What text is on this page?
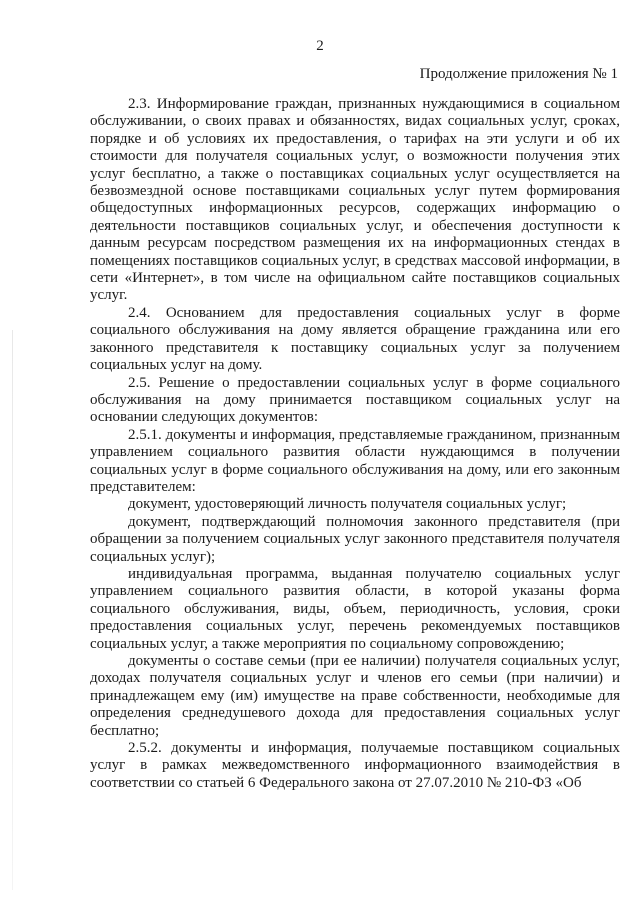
2
Продолжение приложения № 1

2.3. Информирование граждан, признанных нуждающимися в социальном обслуживании, о своих правах и обязанностях, видах социальных услуг, сроках, порядке и об условиях их предоставления, о тарифах на эти услуги и об их стоимости для получателя социальных услуг, о возможности получения этих услуг бесплатно, а также о поставщиках социальных услуг осуществляется на безвозмездной основе поставщиками социальных услуг путем формирования общедоступных информационных ресурсов, содержащих информацию о деятельности поставщиков социальных услуг, и обеспечения доступности к данным ресурсам посредством размещения их на информационных стендах в помещениях поставщиков социальных услуг, в средствах массовой информации, в сети «Интернет», в том числе на официальном сайте поставщиков социальных услуг.

2.4. Основанием для предоставления социальных услуг в форме социального обслуживания на дому является обращение гражданина или его законного представителя к поставщику социальных услуг за получением социальных услуг на дому.

2.5. Решение о предоставлении социальных услуг в форме социального обслуживания на дому принимается поставщиком социальных услуг на основании следующих документов:

2.5.1. документы и информация, представляемые гражданином, признанным управлением социального развития области нуждающимся в получении социальных услуг в форме социального обслуживания на дому, или его законным представителем:

документ, удостоверяющий личность получателя социальных услуг;

документ, подтверждающий полномочия законного представителя (при обращении за получением социальных услуг законного представителя получателя социальных услуг);

индивидуальная программа, выданная получателю социальных услуг управлением социального развития области, в которой указаны форма социального обслуживания, виды, объем, периодичность, условия, сроки предоставления социальных услуг, перечень рекомендуемых поставщиков социальных услуг, а также мероприятия по социальному сопровождению;

документы о составе семьи (при ее наличии) получателя социальных услуг, доходах получателя социальных услуг и членов его семьи (при наличии) и принадлежащем ему (им) имуществе на праве собственности, необходимые для определения среднедушевого дохода для предоставления социальных услуг бесплатно;

2.5.2. документы и информация, получаемые поставщиком социальных услуг в рамках межведомственного информационного взаимодействия в соответствии со статьей 6 Федерального закона от 27.07.2010 № 210-ФЗ «Об
